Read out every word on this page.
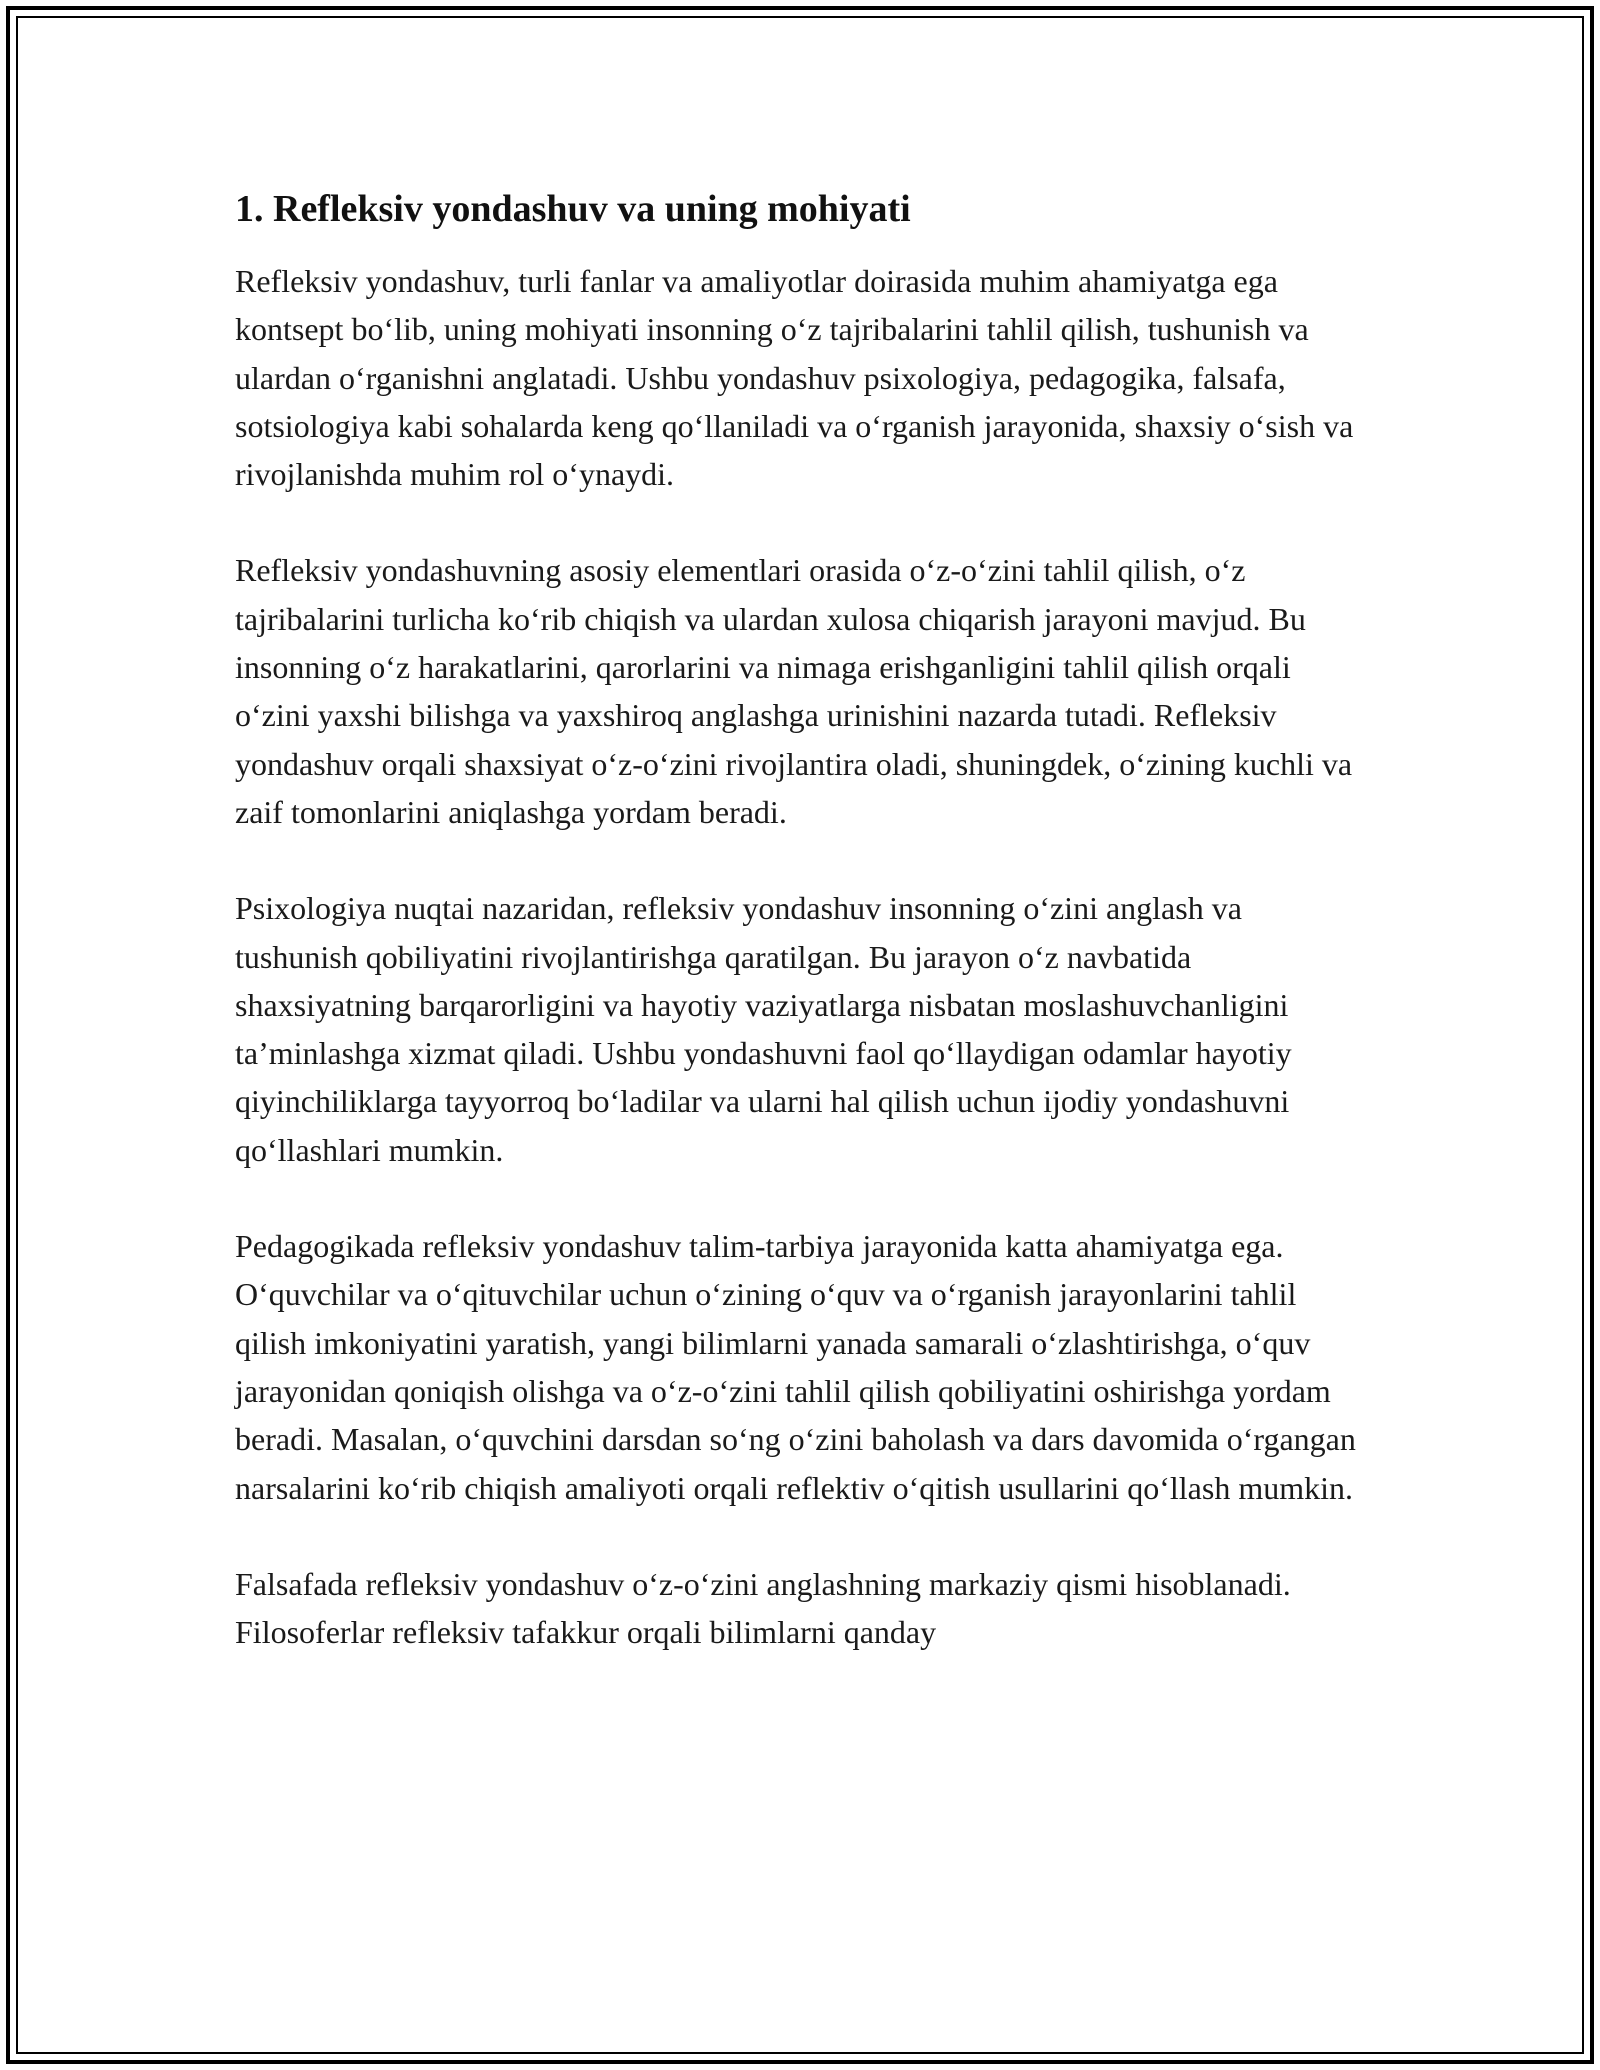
1. Refleksiv yondashuv va uning mohiyati

Refleksiv yondashuv, turli fanlar va amaliyotlar doirasida muhim ahamiyatga ega kontsept bo‘lib, uning mohiyati insonning o‘z tajribalarini tahlil qilish, tushunish va ulardan o‘rganishni anglatadi. Ushbu yondashuv psixologiya, pedagogika, falsafa, sotsiologiya kabi sohalarda keng qo‘llaniladi va o‘rganish jarayonida, shaxsiy o‘sish va rivojlanishda muhim rol o‘ynaydi.

Refleksiv yondashuvning asosiy elementlari orasida o‘z-o‘zini tahlil qilish, o‘z tajribalarini turlicha ko‘rib chiqish va ulardan xulosa chiqarish jarayoni mavjud. Bu insonning o‘z harakatlarini, qarorlarini va nimaga erishganligini tahlil qilish orqali o‘zini yaxshi bilishga va yaxshiroq anglashga urinishini nazarda tutadi. Refleksiv yondashuv orqali shaxsiyat o‘z-o‘zini rivojlantira oladi, shuningdek, o‘zining kuchli va zaif tomonlarini aniqlashga yordam beradi.

Psixologiya nuqtai nazaridan, refleksiv yondashuv insonning o‘zini anglash va tushunish qobiliyatini rivojlantirishga qaratilgan. Bu jarayon o‘z navbatida shaxsiyatning barqarorligini va hayotiy vaziyatlarga nisbatan moslashuvchanligini ta’minlashga xizmat qiladi. Ushbu yondashuvni faol qo‘llaydigan odamlar hayotiy qiyinchiliklarga tayyorroq bo‘ladilar va ularni hal qilish uchun ijodiy yondashuvni qo‘llashlari mumkin.

Pedagogikada refleksiv yondashuv talim-tarbiya jarayonida katta ahamiyatga ega. O‘quvchilar va o‘qituvchilar uchun o‘zining o‘quv va o‘rganish jarayonlarini tahlil qilish imkoniyatini yaratish, yangi bilimlarni yanada samarali o‘zlashtirishga, o‘quv jarayonidan qoniqish olishga va o‘z-o‘zini tahlil qilish qobiliyatini oshirishga yordam beradi. Masalan, o‘quvchini darsdan so‘ng o‘zini baholash va dars davomida o‘rgangan narsalarini ko‘rib chiqish amaliyoti orqali reflektiv o‘qitish usullarini qo‘llash mumkin.

Falsafada refleksiv yondashuv o‘z-o‘zini anglashning markaziy qismi hisoblanadi. Filosoferlar refleksiv tafakkur orqali bilimlarni qanday
